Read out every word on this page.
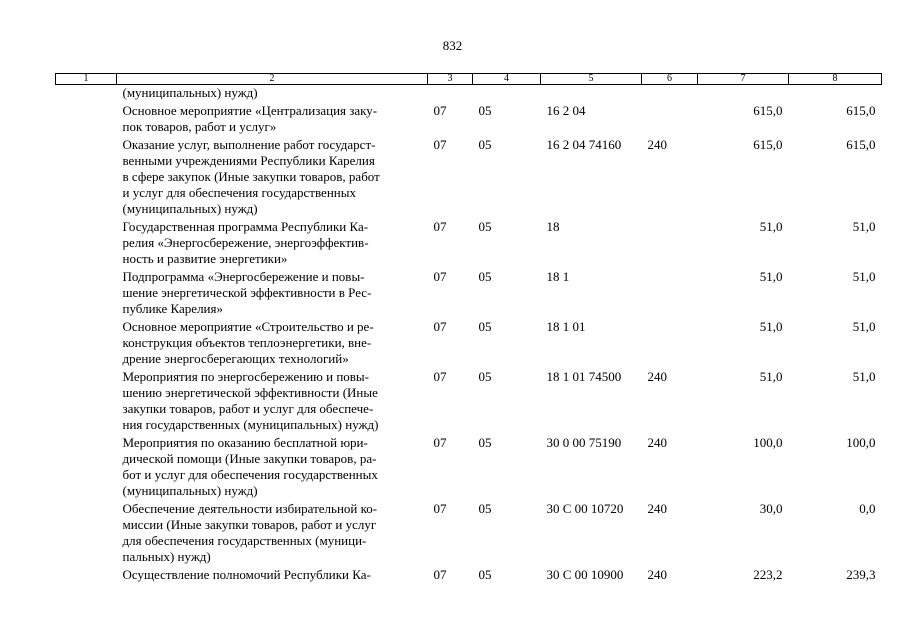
832
1	2	3	4	5	6	7	8
	(муниципальных) нужд)						
	Основное мероприятие «Централизация заку-
пок товаров, работ и услуг»	07	05	16 2 04		615,0	615,0
	Оказание услуг, выполнение работ государст-
венными учреждениями Республики Карелия
в сфере закупок (Иные закупки товаров, работ
и услуг для обеспечения государственных
(муниципальных) нужд)	07	05	16 2 04 74160	240	615,0	615,0
	Государственная программа Республики Ка-
релия «Энергосбережение, энергоэффектив-
ность и развитие энергетики»	07	05	18		51,0	51,0
	Подпрограмма «Энергосбережение и повы-
шение энергетической эффективности в Рес-
публике Карелия»	07	05	18 1		51,0	51,0
	Основное мероприятие «Строительство и ре-
конструкция объектов теплоэнергетики, вне-
дрение энергосберегающих технологий»	07	05	18 1 01		51,0	51,0
	Мероприятия по энергосбережению и повы-
шению энергетической эффективности (Иные
закупки товаров, работ и услуг для обеспече-
ния государственных (муниципальных) нужд)	07	05	18 1 01 74500	240	51,0	51,0
	Мероприятия по оказанию бесплатной юри-
дической помощи (Иные закупки товаров, ра-
бот и услуг для обеспечения государственных
(муниципальных) нужд)	07	05	30 0 00 75190	240	100,0	100,0
	Обеспечение деятельности избирательной ко-
миссии (Иные закупки товаров, работ и услуг
для обеспечения государственных (муници-
пальных) нужд)	07	05	30 С 00 10720	240	30,0	0,0
	Осуществление полномочий Республики Ка-	07	05	30 С 00 10900	240	223,2	239,3
